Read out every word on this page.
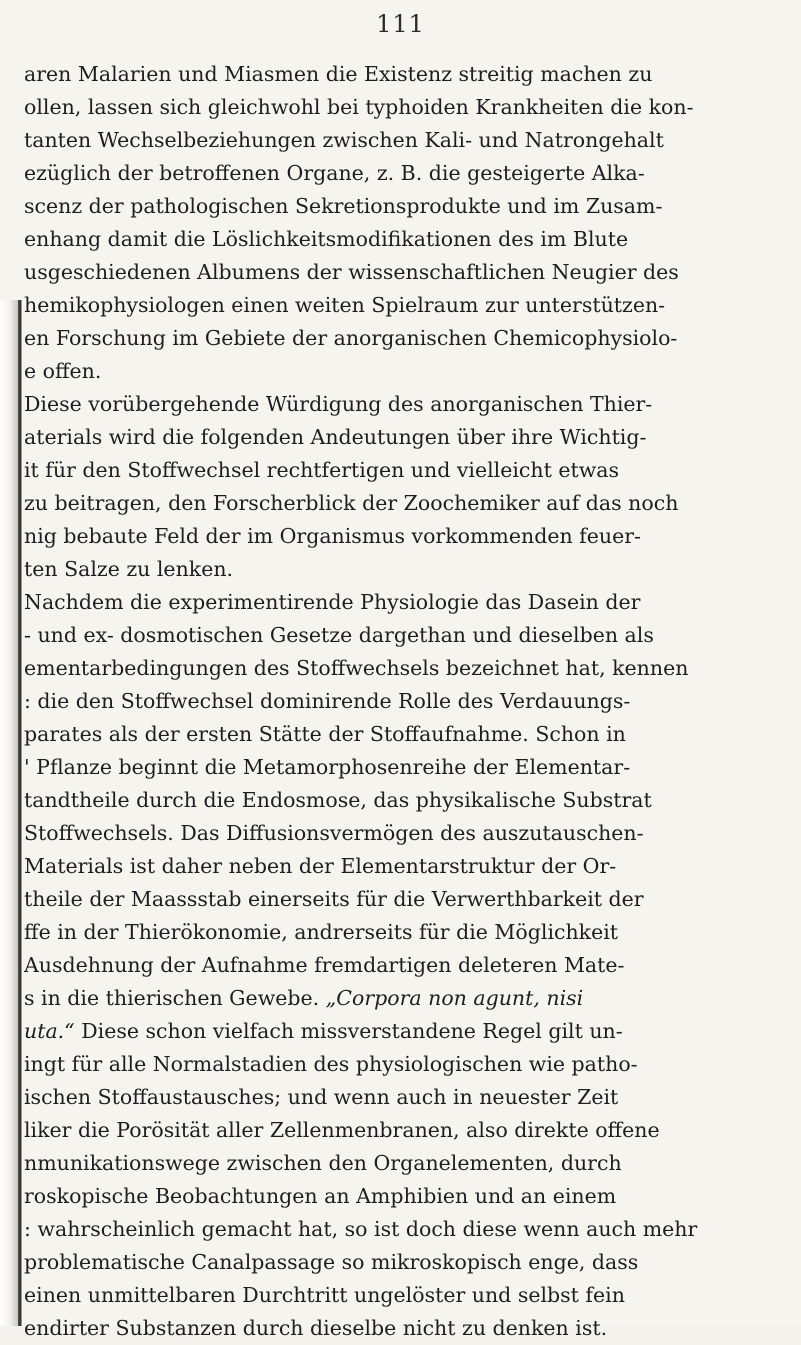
111
aren Malarien und Miasmen die Existenz streitig machen zu
ollen, lassen sich gleichwohl bei typhoiden Krankheiten die kon-
tanten Wechselbeziehungen zwischen Kali- und Natrongehalt
ezüglich der betroffenen Organe, z. B. die gesteigerte Alka-
scenz der pathologischen Sekretionsprodukte und im Zusam-
enhang damit die Löslichkeitsmodifikationen des im Blute
usgeschiedenen Albumens der wissenschaftlichen Neugier des
hemikophysiologen einen weiten Spielraum zur unterstützen-
en Forschung im Gebiete der anorganischen Chemicophysiolo-
e offen.
Diese vorübergehende Würdigung des anorganischen Thier-
aterials wird die folgenden Andeutungen über ihre Wichtig-
it für den Stoffwechsel rechtfertigen und vielleicht etwas
zu beitragen, den Forscherblick der Zoochemiker auf das noch
nig bebaute Feld der im Organismus vorkommenden feuer-
ten Salze zu lenken.
Nachdem die experimentirende Physiologie das Dasein der
- und ex- dosmotischen Gesetze dargethan und dieselben als
ementarbedingungen des Stoffwechsels bezeichnet hat, kennen
: die den Stoffwechsel dominirende Rolle des Verdauungs-
parates als der ersten Stätte der Stoffaufnahme. Schon in
' Pflanze beginnt die Metamorphosenreihe der Elementar-
tandtheile durch die Endosmose, das physikalische Substrat
Stoffwechsels. Das Diffusionsvermögen des auszutauschen-
Materials ist daher neben der Elementarstruktur der Or-
theile der Maassstab einerseits für die Verwerthbarkeit der
ffe in der Thierökonomie, andrerseits für die Möglichkeit
Ausdehnung der Aufnahme fremdartigen deleteren Mate-
s in die thierischen Gewebe. „Corpora non agunt, nisi
uta.“ Diese schon vielfach missverstandene Regel gilt un-
ingt für alle Normalstadien des physiologischen wie patho-
ischen Stoffaustausches; und wenn auch in neuester Zeit
liker die Porösität aller Zellenmenbranen, also direkte offene
nmunikationswege zwischen den Organelementen, durch
roskopische Beobachtungen an Amphibien und an einem
: wahrscheinlich gemacht hat, so ist doch diese wenn auch mehr
problematische Canalpassage so mikroskopisch enge, dass
einen unmittelbaren Durchtritt ungelöster und selbst fein
endirter Substanzen durch dieselbe nicht zu denken ist.
